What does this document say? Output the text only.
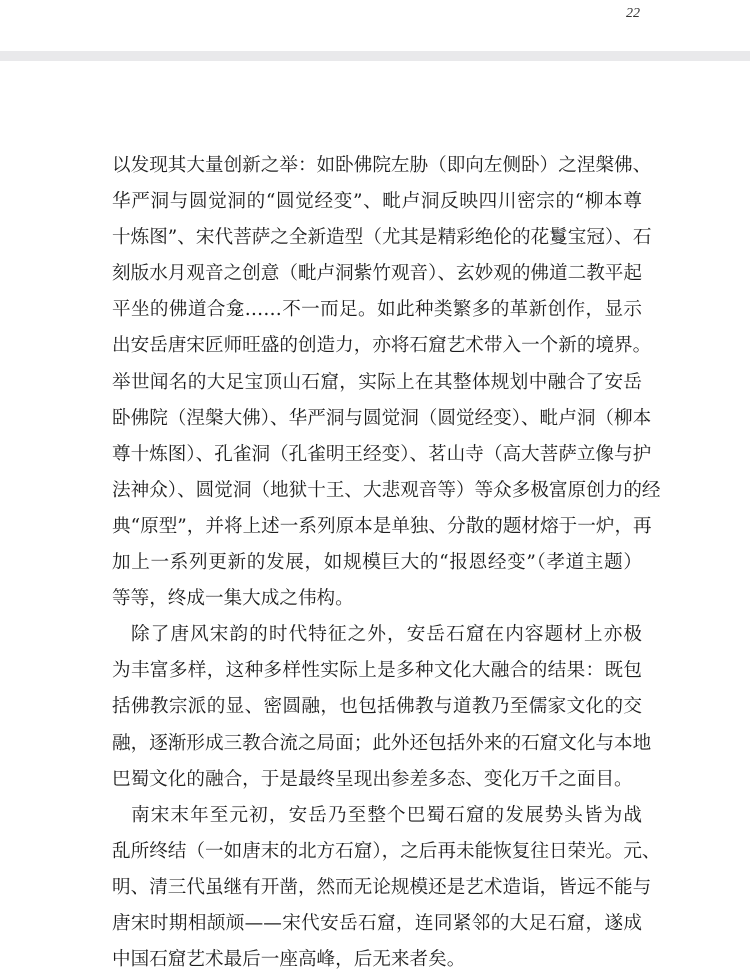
22
以发现其大量创新之举：如卧佛院左胁（即向左侧卧）之涅槃佛、
华严洞与圆觉洞的“圆觉经变”、毗卢洞反映四川密宗的“柳本尊
十炼图”、宋代菩萨之全新造型（尤其是精彩绝伦的花鬘宝冠）、石
刻版水月观音之创意（毗卢洞紫竹观音）、玄妙观的佛道二教平起
平坐的佛道合龛……不一而足。如此种类繁多的革新创作，显示
出安岳唐宋匠师旺盛的创造力，亦将石窟艺术带入一个新的境界。
举世闻名的大足宝顶山石窟，实际上在其整体规划中融合了安岳
卧佛院（涅槃大佛）、华严洞与圆觉洞（圆觉经变）、毗卢洞（柳本
尊十炼图）、孔雀洞（孔雀明王经变）、茗山寺（高大菩萨立像与护
法神众）、圆觉洞（地狱十王、大悲观音等）等众多极富原创力的经
典“原型”，并将上述一系列原本是单独、分散的题材熔于一炉，再
加上一系列更新的发展，如规模巨大的“报恩经变”（孝道主题）
等等，终成一集大成之伟构。
除了唐风宋韵的时代特征之外，安岳石窟在内容题材上亦极
为丰富多样，这种多样性实际上是多种文化大融合的结果：既包
括佛教宗派的显、密圆融，也包括佛教与道教乃至儒家文化的交
融，逐渐形成三教合流之局面；此外还包括外来的石窟文化与本地
巴蜀文化的融合，于是最终呈现出参差多态、变化万千之面目。
南宋末年至元初，安岳乃至整个巴蜀石窟的发展势头皆为战
乱所终结（一如唐末的北方石窟），之后再未能恢复往日荣光。元、
明、清三代虽继有开凿，然而无论规模还是艺术造诣，皆远不能与
唐宋时期相颉颃——宋代安岳石窟，连同紧邻的大足石窟，遂成
中国石窟艺术最后一座高峰，后无来者矣。
